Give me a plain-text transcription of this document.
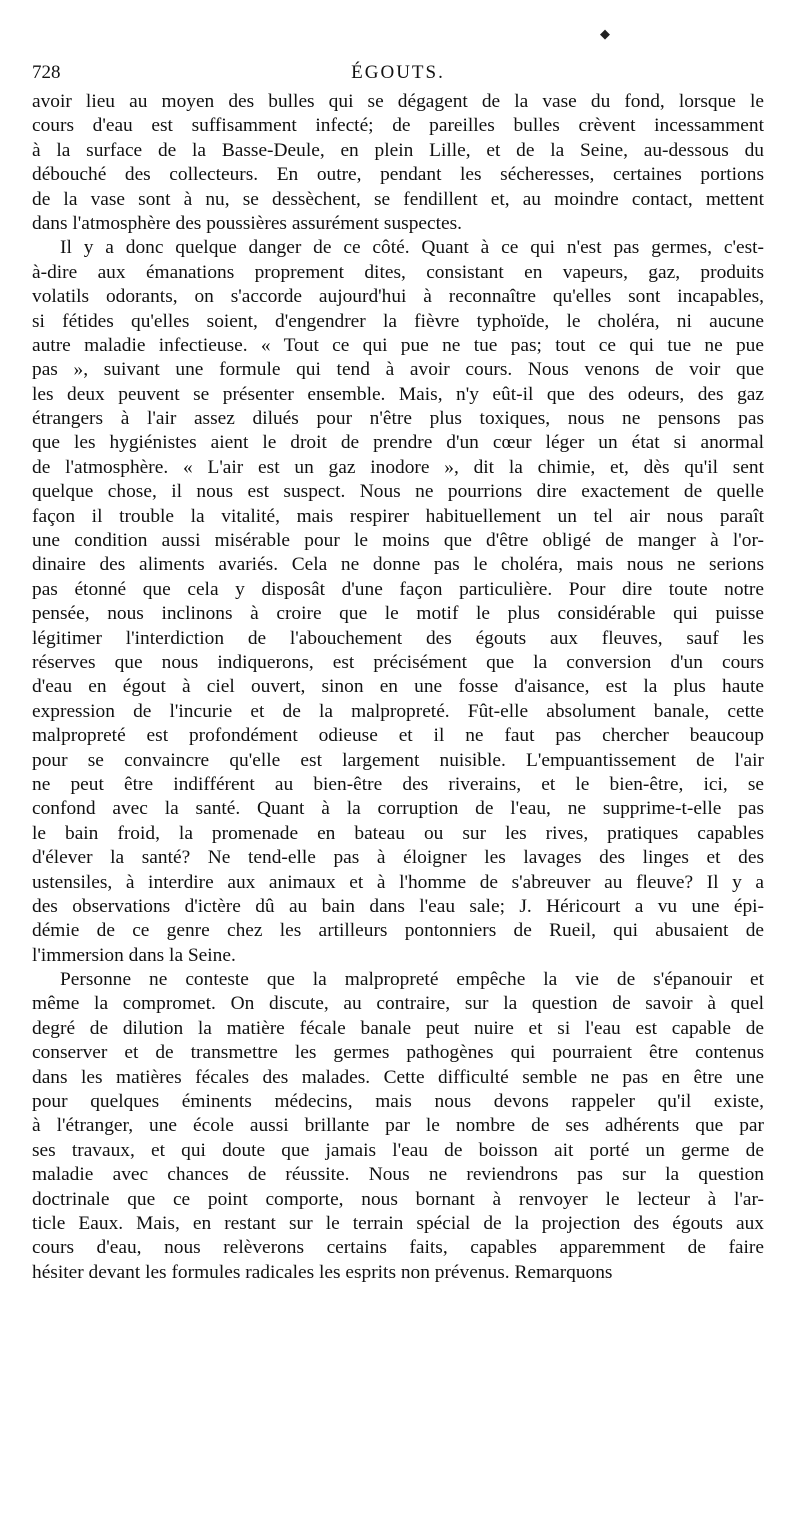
◆
728	ÉGOUTS.
avoir lieu au moyen des bulles qui se dégagent de la vase du fond, lorsque le
cours d'eau est suffisamment infecté; de pareilles bulles crèvent incessamment
à la surface de la Basse-Deule, en plein Lille, et de la Seine, au-dessous du
débouché des collecteurs. En outre, pendant les sécheresses, certaines portions
de la vase sont à nu, se dessèchent, se fendillent et, au moindre contact, mettent
dans l'atmosphère des poussières assurément suspectes.
Il y a donc quelque danger de ce côté. Quant à ce qui n'est pas germes, c'est-
à-dire aux émanations proprement dites, consistant en vapeurs, gaz, produits
volatils odorants, on s'accorde aujourd'hui à reconnaître qu'elles sont incapables,
si fétides qu'elles soient, d'engendrer la fièvre typhoïde, le choléra, ni aucune
autre maladie infectieuse. « Tout ce qui pue ne tue pas; tout ce qui tue ne pue
pas », suivant une formule qui tend à avoir cours. Nous venons de voir que
les deux peuvent se présenter ensemble. Mais, n'y eût-il que des odeurs, des gaz
étrangers à l'air assez dilués pour n'être plus toxiques, nous ne pensons pas
que les hygiénistes aient le droit de prendre d'un cœur léger un état si anormal
de l'atmosphère. « L'air est un gaz inodore », dit la chimie, et, dès qu'il sent
quelque chose, il nous est suspect. Nous ne pourrions dire exactement de quelle
façon il trouble la vitalité, mais respirer habituellement un tel air nous paraît
une condition aussi misérable pour le moins que d'être obligé de manger à l'or-
dinaire des aliments avariés. Cela ne donne pas le choléra, mais nous ne serions
pas étonné que cela y disposât d'une façon particulière. Pour dire toute notre
pensée, nous inclinons à croire que le motif le plus considérable qui puisse
légitimer l'interdiction de l'abouchement des égouts aux fleuves, sauf les
réserves que nous indiquerons, est précisément que la conversion d'un cours
d'eau en égout à ciel ouvert, sinon en une fosse d'aisance, est la plus haute
expression de l'incurie et de la malpropreté. Fût-elle absolument banale, cette
malpropreté est profondément odieuse et il ne faut pas chercher beaucoup
pour se convaincre qu'elle est largement nuisible. L'empuantissement de l'air
ne peut être indifférent au bien-être des riverains, et le bien-être, ici, se
confond avec la santé. Quant à la corruption de l'eau, ne supprime-t-elle pas
le bain froid, la promenade en bateau ou sur les rives, pratiques capables
d'élever la santé? Ne tend-elle pas à éloigner les lavages des linges et des
ustensiles, à interdire aux animaux et à l'homme de s'abreuver au fleuve? Il y a
des observations d'ictère dû au bain dans l'eau sale; J. Héricourt a vu une épi-
démie de ce genre chez les artilleurs pontonniers de Rueil, qui abusaient de
l'immersion dans la Seine.
Personne ne conteste que la malpropreté empêche la vie de s'épanouir et
même la compromet. On discute, au contraire, sur la question de savoir à quel
degré de dilution la matière fécale banale peut nuire et si l'eau est capable de
conserver et de transmettre les germes pathogènes qui pourraient être contenus
dans les matières fécales des malades. Cette difficulté semble ne pas en être une
pour quelques éminents médecins, mais nous devons rappeler qu'il existe,
à l'étranger, une école aussi brillante par le nombre de ses adhérents que par
ses travaux, et qui doute que jamais l'eau de boisson ait porté un germe de
maladie avec chances de réussite. Nous ne reviendrons pas sur la question
doctrinale que ce point comporte, nous bornant à renvoyer le lecteur à l'ar-
ticle Eaux. Mais, en restant sur le terrain spécial de la projection des égouts aux
cours d'eau, nous relèverons certains faits, capables apparemment de faire
hésiter devant les formules radicales les esprits non prévenus. Remarquons
